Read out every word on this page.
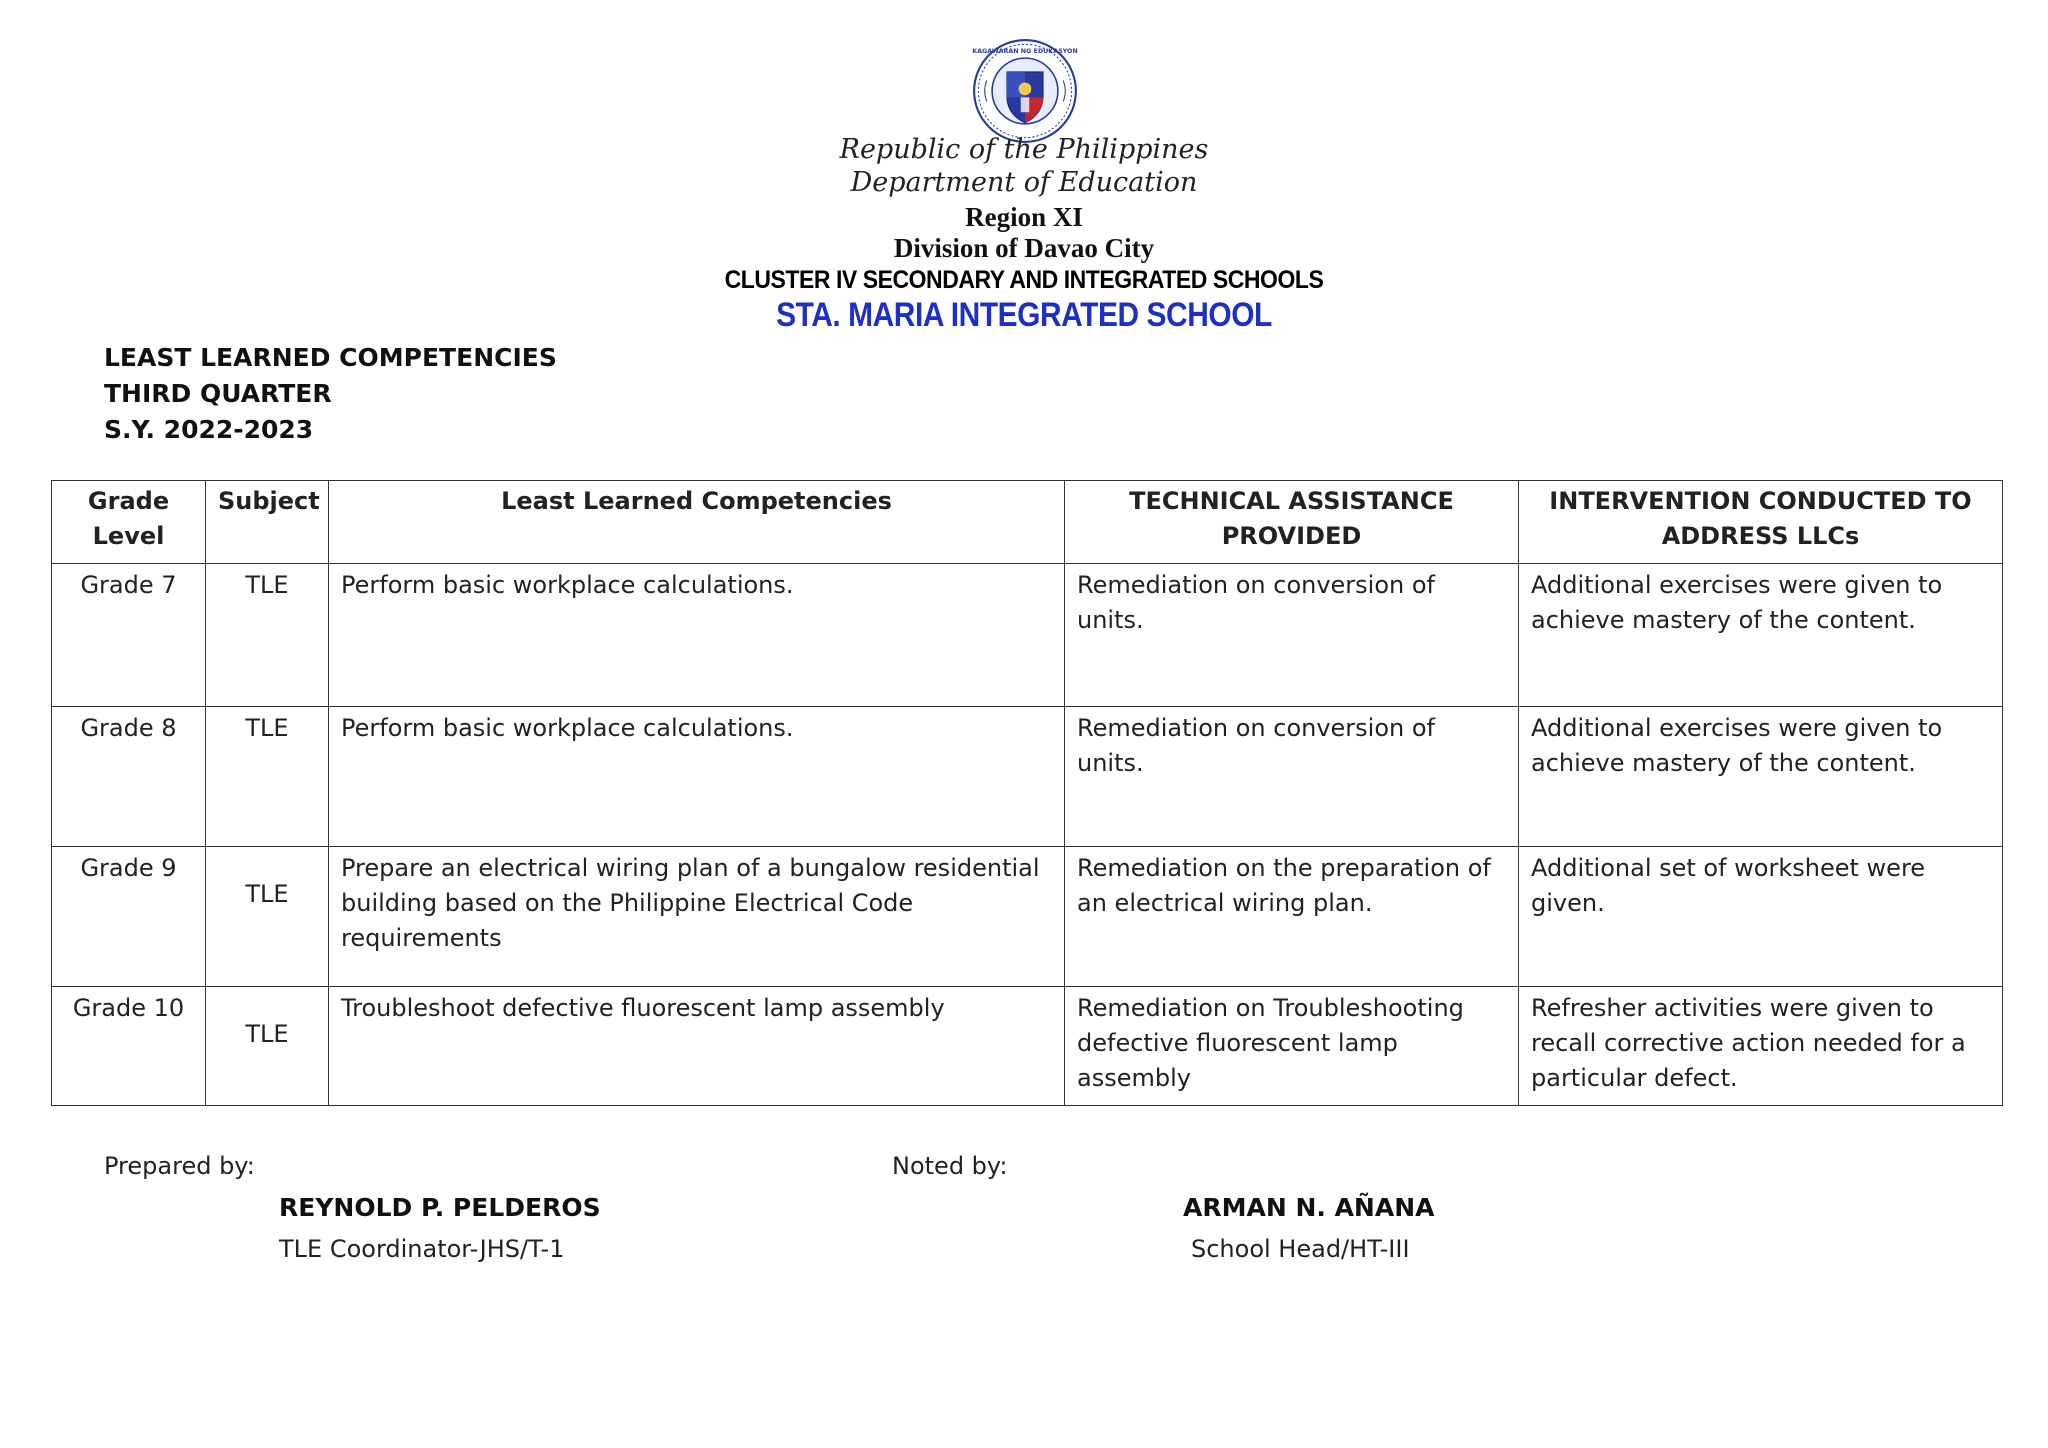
KAGAWARAN NG EDUKASYON
Republic of the Philippines
Department of Education
Region XI
Division of Davao City
CLUSTER IV SECONDARY AND INTEGRATED SCHOOLS
STA. MARIA INTEGRATED SCHOOL
LEAST LEARNED COMPETENCIES
THIRD QUARTER
S.Y. 2022-2023
Grade Level	Subject	Least Learned Competencies	TECHNICAL ASSISTANCE PROVIDED	INTERVENTION CONDUCTED TO ADDRESS LLCs
Grade 7	TLE	Perform basic workplace calculations.	Remediation on conversion of units.	Additional exercises were given to achieve mastery of the content.
Grade 8	TLE	Perform basic workplace calculations.	Remediation on conversion of units.	Additional exercises were given to achieve mastery of the content.
Grade 9	TLE	Prepare an electrical wiring plan of a bungalow residential building based on the Philippine Electrical Code requirements	Remediation on the preparation of an electrical wiring plan.	Additional set of worksheet were given.
Grade 10	TLE	Troubleshoot defective fluorescent lamp assembly	Remediation on Troubleshooting defective fluorescent lamp assembly	Refresher activities were given to recall corrective action needed for a particular defect.
Prepared by:
REYNOLD P. PELDEROS
TLE Coordinator-JHS/T-1
Noted by:
ARMAN N. AÑANA
School Head/HT-III
